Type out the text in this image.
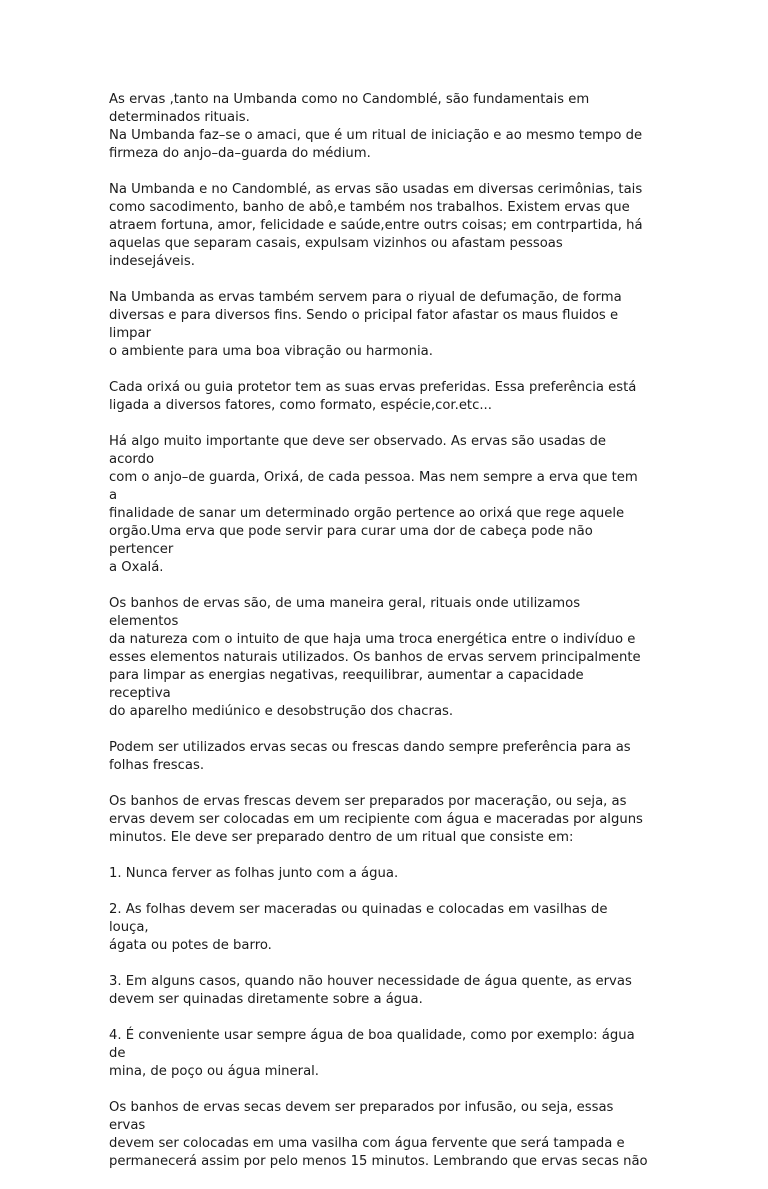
As ervas ,tanto na Umbanda como no Candomblé, são fundamentais em
determinados rituais.
Na Umbanda faz–se o amaci, que é um ritual de iniciação e ao mesmo tempo de
firmeza do anjo–da–guarda do médium.

Na Umbanda e no Candomblé, as ervas são usadas em diversas cerimônias, tais
como sacodimento, banho de abô,e também nos trabalhos. Existem ervas que
atraem fortuna, amor, felicidade e saúde,entre outrs coisas; em contrpartida, há
aquelas que separam casais, expulsam vizinhos ou afastam pessoas indesejáveis.

Na Umbanda as ervas também servem para o riyual de defumação, de forma
diversas e para diversos fins. Sendo o pricipal fator afastar os maus fluidos e limpar
o ambiente para uma boa vibração ou harmonia.

Cada orixá ou guia protetor tem as suas ervas preferidas. Essa preferência está
ligada a diversos fatores, como formato, espécie,cor.etc...

Há algo muito importante que deve ser observado. As ervas são usadas de acordo
com o anjo–de guarda, Orixá, de cada pessoa. Mas nem sempre a erva que tem a
finalidade de sanar um determinado orgão pertence ao orixá que rege aquele
orgão.Uma erva que pode servir para curar uma dor de cabeça pode não pertencer
a Oxalá.

Os banhos de ervas são, de uma maneira geral, rituais onde utilizamos elementos
da natureza com o intuito de que haja uma troca energética entre o indivíduo e
esses elementos naturais utilizados. Os banhos de ervas servem principalmente
para limpar as energias negativas, reequilibrar, aumentar a capacidade receptiva
do aparelho mediúnico e desobstrução dos chacras.

Podem ser utilizados ervas secas ou frescas dando sempre preferência para as
folhas frescas.

Os banhos de ervas frescas devem ser preparados por maceração, ou seja, as
ervas devem ser colocadas em um recipiente com água e maceradas por alguns
minutos. Ele deve ser preparado dentro de um ritual que consiste em:

1. Nunca ferver as folhas junto com a água.

2. As folhas devem ser maceradas ou quinadas e colocadas em vasilhas de louça,
ágata ou potes de barro.

3. Em alguns casos, quando não houver necessidade de água quente, as ervas
devem ser quinadas diretamente sobre a água.

4. É conveniente usar sempre água de boa qualidade, como por exemplo: água de
mina, de poço ou água mineral.

Os banhos de ervas secas devem ser preparados por infusão, ou seja, essas ervas
devem ser colocadas em uma vasilha com água fervente que será tampada e
permanecerá assim por pelo menos 15 minutos. Lembrando que ervas secas não
